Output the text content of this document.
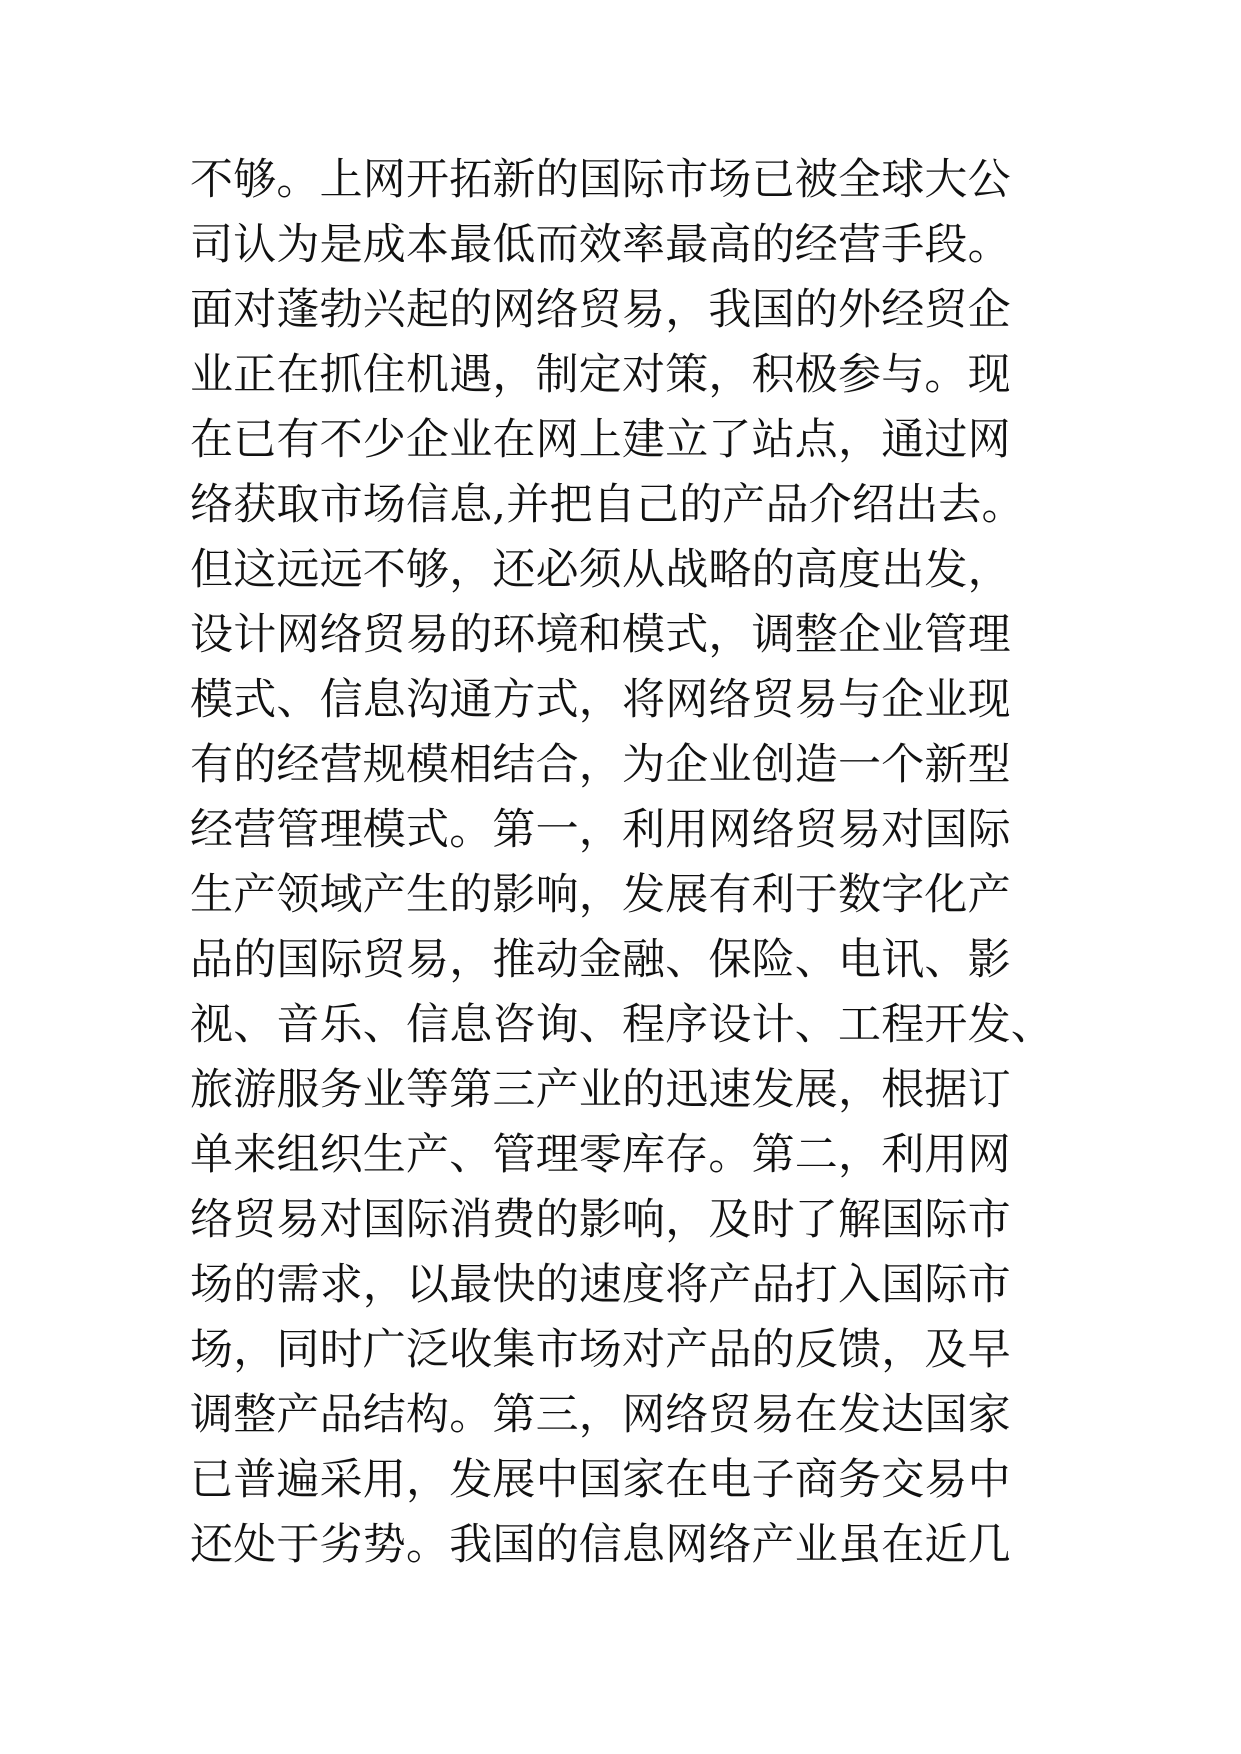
不够。上网开拓新的国际市场已被全球大公
司认为是成本最低而效率最高的经营手段。
面对蓬勃兴起的网络贸易，我国的外经贸企
业正在抓住机遇，制定对策，积极参与。现
在已有不少企业在网上建立了站点，通过网
络获取市场信息,并把自己的产品介绍出去。
但这远远不够，还必须从战略的高度出发，
设计网络贸易的环境和模式，调整企业管理
模式、信息沟通方式，将网络贸易与企业现
有的经营规模相结合，为企业创造一个新型
经营管理模式。第一，利用网络贸易对国际
生产领域产生的影响，发展有利于数字化产
品的国际贸易，推动金融、保险、电讯、影
视、音乐、信息咨询、程序设计、工程开发、
旅游服务业等第三产业的迅速发展，根据订
单来组织生产、管理零库存。第二，利用网
络贸易对国际消费的影响，及时了解国际市
场的需求，以最快的速度将产品打入国际市
场，同时广泛收集市场对产品的反馈，及早
调整产品结构。第三，网络贸易在发达国家
已普遍采用，发展中国家在电子商务交易中
还处于劣势。我国的信息网络产业虽在近几
